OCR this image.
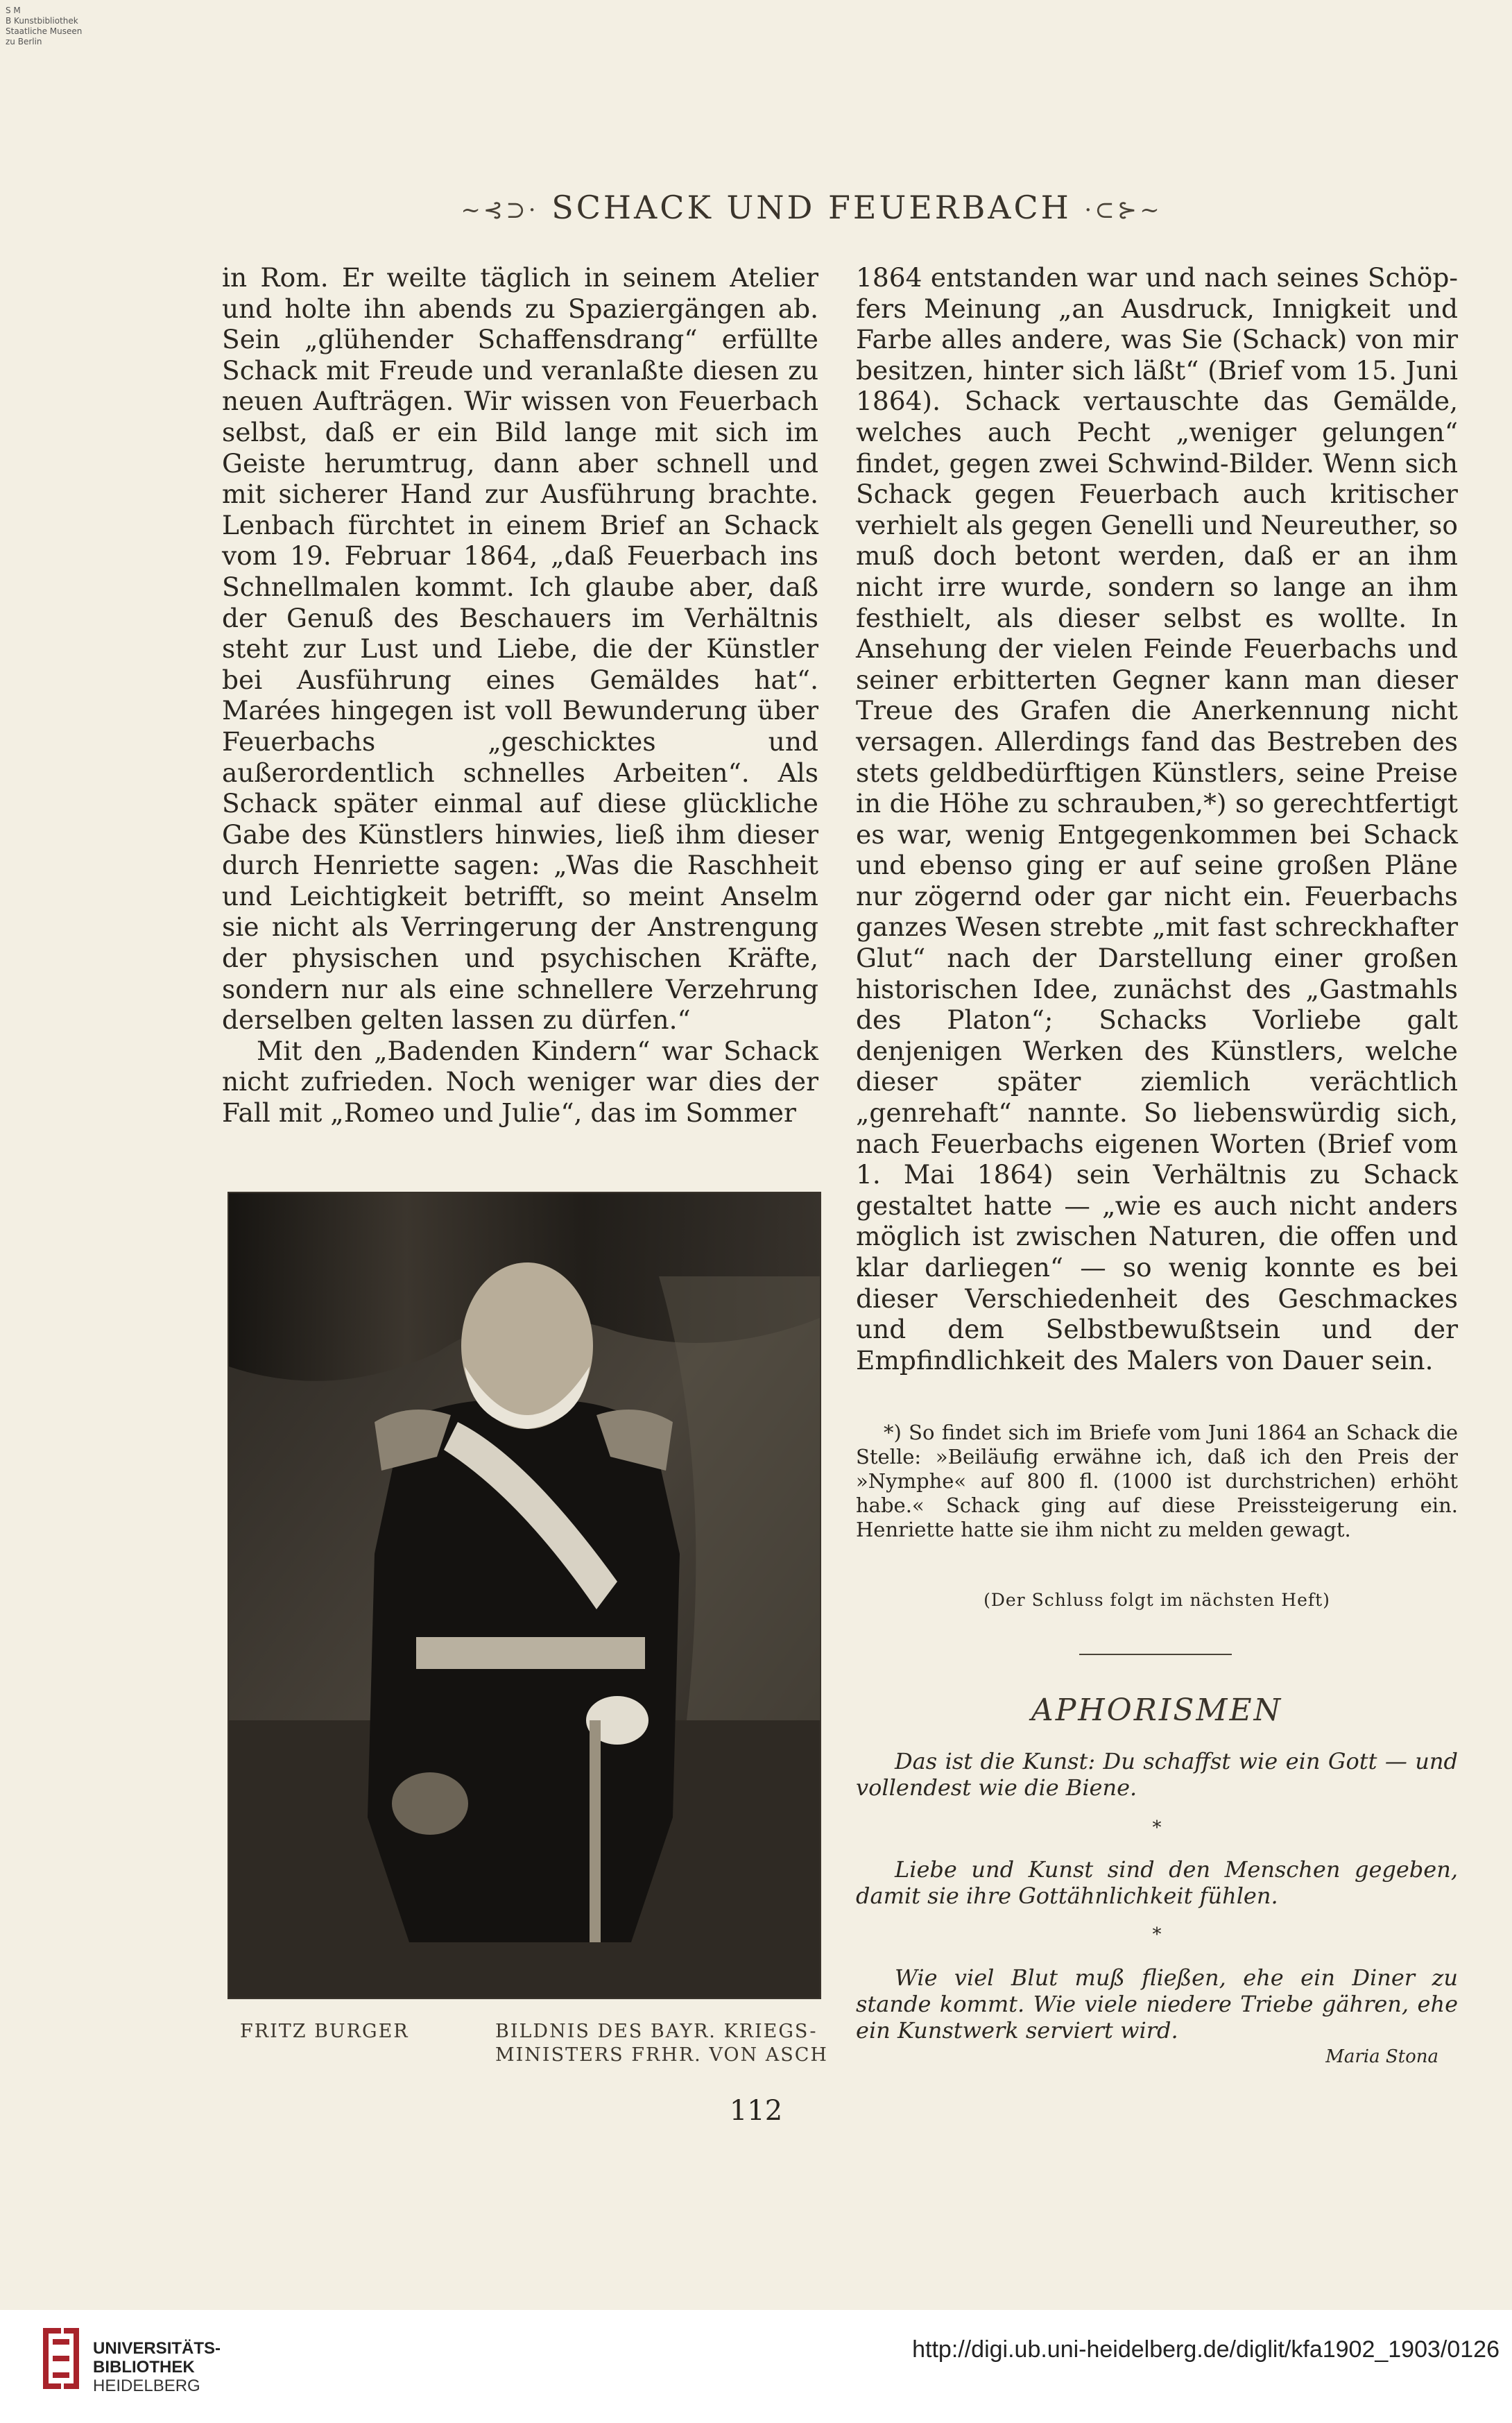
S M
B Kunstbibliothek
Staatliche Museen
zu Berlin
~⊰⊃· SCHACK UND FEUERBACH ·⊂⊱~

in Rom. Er weilte täglich in seinem Atelier und holte ihn abends zu Spaziergängen ab. Sein „glühender Schaffensdrang“ erfüllte Schack mit Freude und veranlaßte diesen zu neuen Aufträgen. Wir wissen von Feuerbach selbst, daß er ein Bild lange mit sich im Geiste herumtrug, dann aber schnell und mit sicherer Hand zur Ausführung brachte. Lenbach fürchtet in einem Brief an Schack vom 19. Februar 1864, „daß Feuerbach ins Schnellmalen kommt. Ich glaube aber, daß der Genuß des Beschauers im Verhältnis steht zur Lust und Liebe, die der Künstler bei Ausführung eines Gemäldes hat“. Marées hingegen ist voll Bewunderung über Feuerbachs „geschicktes und außerordentlich schnelles Arbeiten“. Als Schack später einmal auf diese glückliche Gabe des Künstlers hinwies, ließ ihm dieser durch Henriette sagen: „Was die Raschheit und Leichtigkeit betrifft, so meint Anselm sie nicht als Verringerung der Anstrengung der physischen und psychischen Kräfte, sondern nur als eine schnellere Verzehrung derselben gelten lassen zu dürfen.“

Mit den „Badenden Kindern“ war Schack nicht zufrieden. Noch weniger war dies der Fall mit „Romeo und Julie“, das im Sommer

1864 entstanden war und nach seines Schöpfers Meinung „an Ausdruck, Innigkeit und Farbe alles andere, was Sie (Schack) von mir besitzen, hinter sich läßt“ (Brief vom 15. Juni 1864). Schack vertauschte das Gemälde, welches auch Pecht „weniger gelungen“ findet, gegen zwei Schwind-Bilder. Wenn sich Schack gegen Feuerbach auch kritischer verhielt als gegen Genelli und Neureuther, so muß doch betont werden, daß er an ihm nicht irre wurde, sondern so lange an ihm festhielt, als dieser selbst es wollte. In Ansehung der vielen Feinde Feuerbachs und seiner erbitterten Gegner kann man dieser Treue des Grafen die Anerkennung nicht versagen. Allerdings fand das Bestreben des stets geldbedürftigen Künstlers, seine Preise in die Höhe zu schrauben,*) so gerechtfertigt es war, wenig Entgegenkommen bei Schack und ebenso ging er auf seine großen Pläne nur zögernd oder gar nicht ein. Feuerbachs ganzes Wesen strebte „mit fast schreckhafter Glut“ nach der Darstellung einer großen historischen Idee, zunächst des „Gastmahls des Platon“; Schacks Vorliebe galt denjenigen Werken des Künstlers, welche dieser später ziemlich verächtlich „genrehaft“ nannte. So liebenswürdig sich, nach Feuerbachs eigenen Worten (Brief vom 1. Mai 1864) sein Verhältnis zu Schack gestaltet hatte — „wie es auch nicht anders möglich ist zwischen Naturen, die offen und klar darliegen“ — so wenig konnte es bei dieser Verschiedenheit des Geschmackes und dem Selbstbewußtsein und der Empfindlichkeit des Malers von Dauer sein.

FRITZ BURGER	BILDNIS DES BAYR. KRIEGS-
MINISTERS FRHR. VON ASCH

*) So findet sich im Briefe vom Juni 1864 an Schack die Stelle: »Beiläufig erwähne ich, daß ich den Preis der »Nymphe« auf 800 fl. (1000 ist durchstrichen) erhöht habe.« Schack ging auf diese Preissteigerung ein. Henriette hatte sie ihm nicht zu melden gewagt.

(Der Schluss folgt im nächsten Heft)
APHORISMEN

Das ist die Kunst: Du schaffst wie ein Gott — und vollendest wie die Biene.

*

Liebe und Kunst sind den Menschen gegeben, damit sie ihre Gottähnlichkeit fühlen.

*

Wie viel Blut muß fließen, ehe ein Diner zu stande kommt. Wie viele niedere Triebe gähren, ehe ein Kunstwerk serviert wird.

Maria Stona
112
UNIVERSITÄTS-
BIBLIOTHEK
HEIDELBERG
http://digi.ub.uni-heidelberg.de/diglit/kfa1902_1903/0126
